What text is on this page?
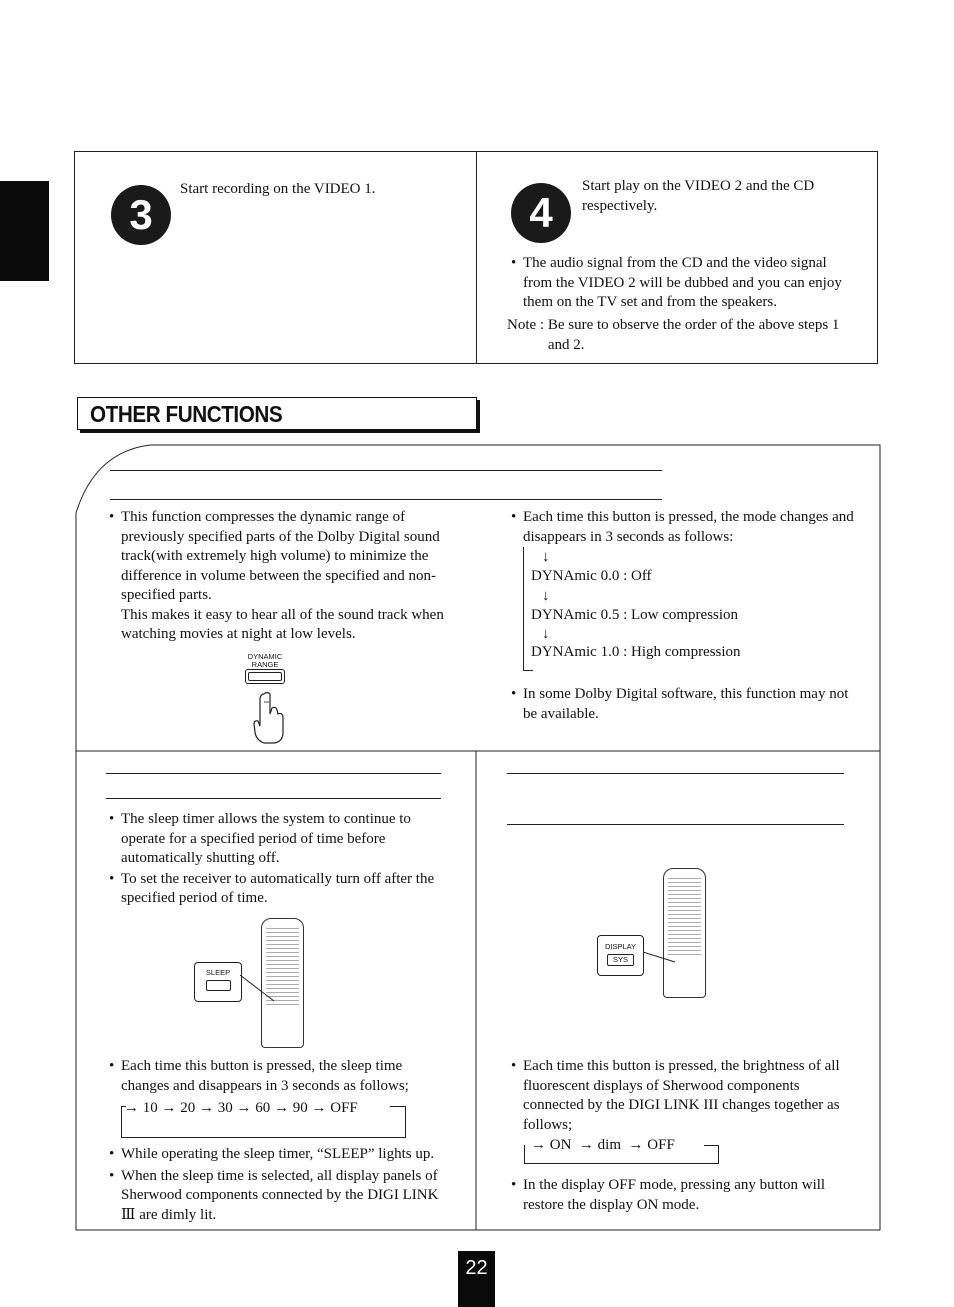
3
Start recording on the VIDEO 1.
4
Start play on the VIDEO 2 and the CD respectively.
• The audio signal from the CD and the video signal from the VIDEO 2 will be dubbed and you can enjoy them on the TV set and from the speakers.
Note : Be sure to observe the order of the above steps 1 and 2.
OTHER FUNCTIONS
• This function compresses the dynamic range of previously specified parts of the Dolby Digital sound track(with extremely high volume) to minimize the difference in volume between the specified and non-specified parts.
This makes it easy to hear all of the sound track when watching movies at night at low levels.
DYNAMIC RANGE
• Each time this button is pressed, the mode changes and disappears in 3 seconds as follows:
↓
DYNAmic 0.0 : Off
↓
DYNAmic 0.5 : Low compression
↓
DYNAmic 1.0 : High compression
• In some Dolby Digital software, this function may not be available.
• The sleep timer allows the system to continue to operate for a specified period of time before automatically shutting off.
• To set the receiver to automatically turn off after the specified period of time.
SLEEP
• Each time this button is pressed, the sleep time changes and disappears in 3 seconds as follows;
→ 10 → 20 → 30 → 60 → 90 → OFF
• While operating the sleep timer, “SLEEP” lights up.
• When the sleep time is selected, all display panels of Sherwood components connected by the DIGI LINK Ⅲ are dimly lit.
DISPLAY
SYS
• Each time this button is pressed, the brightness of all fluorescent displays of Sherwood components connected by the DIGI LINK III changes together as follows;
→ ON → dim → OFF
• In the display OFF mode, pressing any button will restore the display ON mode.
22
